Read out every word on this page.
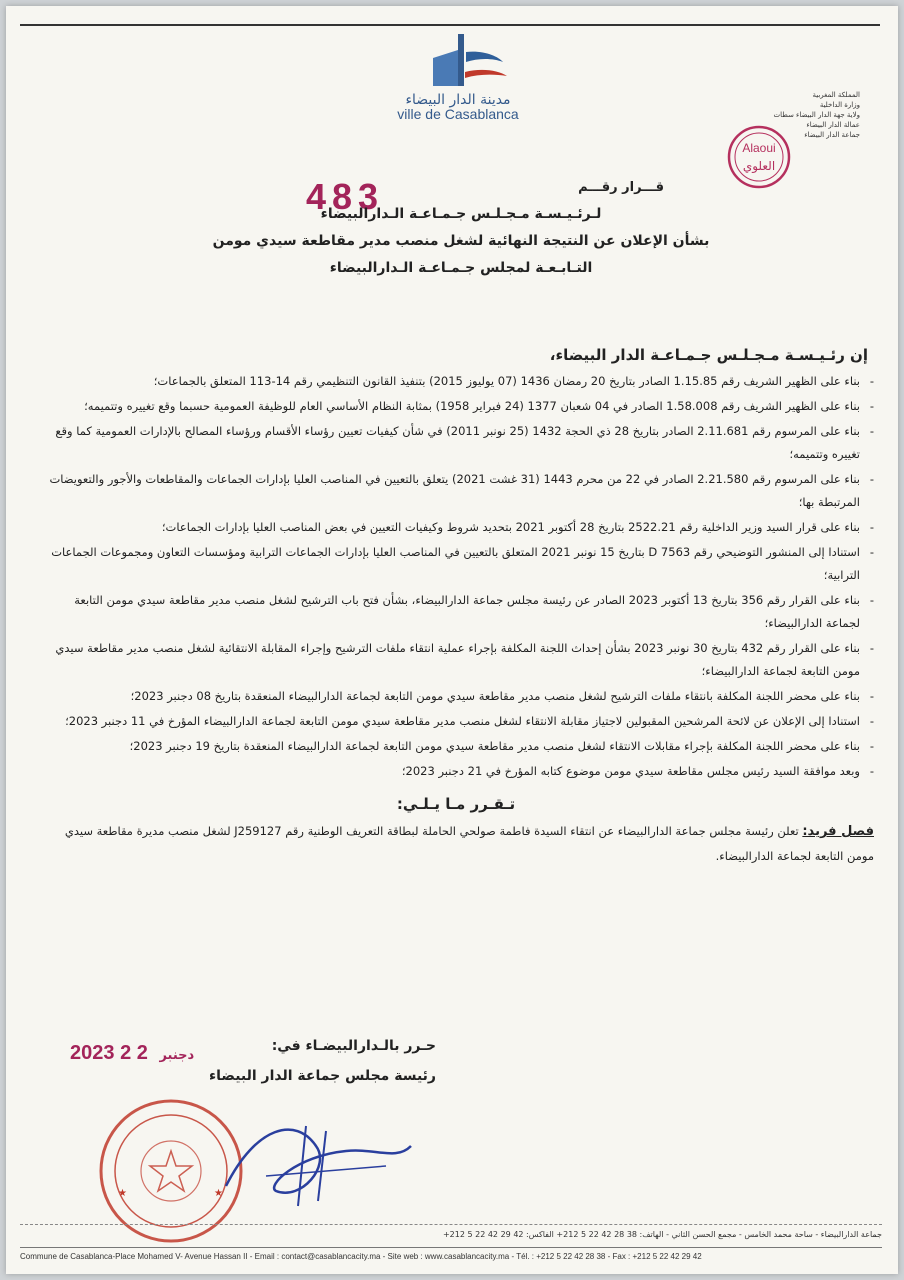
مدينة الدار البيضاء
ville de Casablanca
المملكة المغربية
وزارة الداخلية
ولاية جهة الدار البيضاء سطات
عمالة الدار البيضاء
جماعة الدار البيضاء
Alaoui
العلوي
483	قـــرار رقـــم
لـرئـيـسـة مـجـلـس جـمـاعـة الـدارالبيضاء
بشأن الإعلان عن النتيجة النهائية لشغل منصب مدير مقاطعة سيدي مومن
التـابـعـة لمجلس جـمـاعـة الـدارالبيضاء
إن رئـيـسـة مـجـلـس جـمـاعـة الدار البيضاء،
- بناء على الظهير الشريف رقم 1.15.85 الصادر بتاريخ 20 رمضان 1436 (07 يوليوز 2015) بتنفيذ القانون التنظيمي رقم 14-113 المتعلق بالجماعات؛
- بناء على الظهير الشريف رقم 1.58.008 الصادر في 04 شعبان 1377 (24 فبراير 1958) بمثابة النظام الأساسي العام للوظيفة العمومية حسبما وقع تغييره وتتميمه؛
- بناء على المرسوم رقم 2.11.681 الصادر بتاريخ 28 ذي الحجة 1432 (25 نونبر 2011) في شأن كيفيات تعيين رؤساء الأقسام ورؤساء المصالح بالإدارات العمومية كما وقع تغييره وتتميمه؛
- بناء على المرسوم رقم 2.21.580 الصادر في 22 من محرم 1443 (31 غشت 2021) يتعلق بالتعيين في المناصب العليا بإدارات الجماعات والمقاطعات والأجور والتعويضات المرتبطة بها؛
- بناء على قرار السيد وزير الداخلية رقم 2522.21 بتاريخ 28 أكتوبر 2021 بتحديد شروط وكيفيات التعيين في بعض المناصب العليا بإدارات الجماعات؛
- استنادا إلى المنشور التوضيحي رقم D 7563 بتاريخ 15 نونبر 2021 المتعلق بالتعيين في المناصب العليا بإدارات الجماعات الترابية ومؤسسات التعاون ومجموعات الجماعات الترابية؛
- بناء على القرار رقم 356 بتاريخ 13 أكتوبر 2023 الصادر عن رئيسة مجلس جماعة الدارالبيضاء، بشأن فتح باب الترشيح لشغل منصب مدير مقاطعة سيدي مومن التابعة لجماعة الدارالبيضاء؛
- بناء على القرار رقم 432 بتاريخ 30 نونبر 2023 بشأن إحداث اللجنة المكلفة بإجراء عملية انتقاء ملفات الترشيح وإجراء المقابلة الانتقائية لشغل منصب مدير مقاطعة سيدي مومن التابعة لجماعة الدارالبيضاء؛
- بناء على محضر اللجنة المكلفة بانتقاء ملفات الترشيح لشغل منصب مدير مقاطعة سيدي مومن التابعة لجماعة الدارالبيضاء المنعقدة بتاريخ 08 دجنبر 2023؛
- استنادا إلى الإعلان عن لائحة المرشحين المقبولين لاجتياز مقابلة الانتقاء لشغل منصب مدير مقاطعة سيدي مومن التابعة لجماعة الدارالبيضاء المؤرخ في 11 دجنبر 2023؛
- بناء على محضر اللجنة المكلفة بإجراء مقابلات الانتقاء لشغل منصب مدير مقاطعة سيدي مومن التابعة لجماعة الدارالبيضاء المنعقدة بتاريخ 19 دجنبر 2023؛
- وبعد موافقة السيد رئيس مجلس مقاطعة سيدي مومن موضوع كتابه المؤرخ في 21 دجنبر 2023؛
تـقـرر مـا يـلـي:
فصل فريد: تعلن رئيسة مجلس جماعة الدارالبيضاء عن انتقاء السيدة فاطمة صولحي الحاملة لبطاقة التعريف الوطنية رقم J259127 لشغل منصب مديرة مقاطعة سيدي مومن التابعة لجماعة الدارالبيضاء.
2023	دجنبر 2 2	حـرر بالـدارالبيضـاء في:
رئيسة مجلس جماعة الدار البيضاء
★	★
جماعة الدارالبيضاء - ساحة محمد الخامس - مجمع الحسن الثاني - الهاتف: 38 28 42 22 5 212+ الفاكس: 42 29 42 22 5 212+
Commune de Casablanca-Place Mohamed V- Avenue Hassan II - Email : contact@casablancacity.ma - Site web : www.casablancacity.ma - Tél. : +212 5 22 42 28 38 - Fax : +212 5 22 42 29 42
